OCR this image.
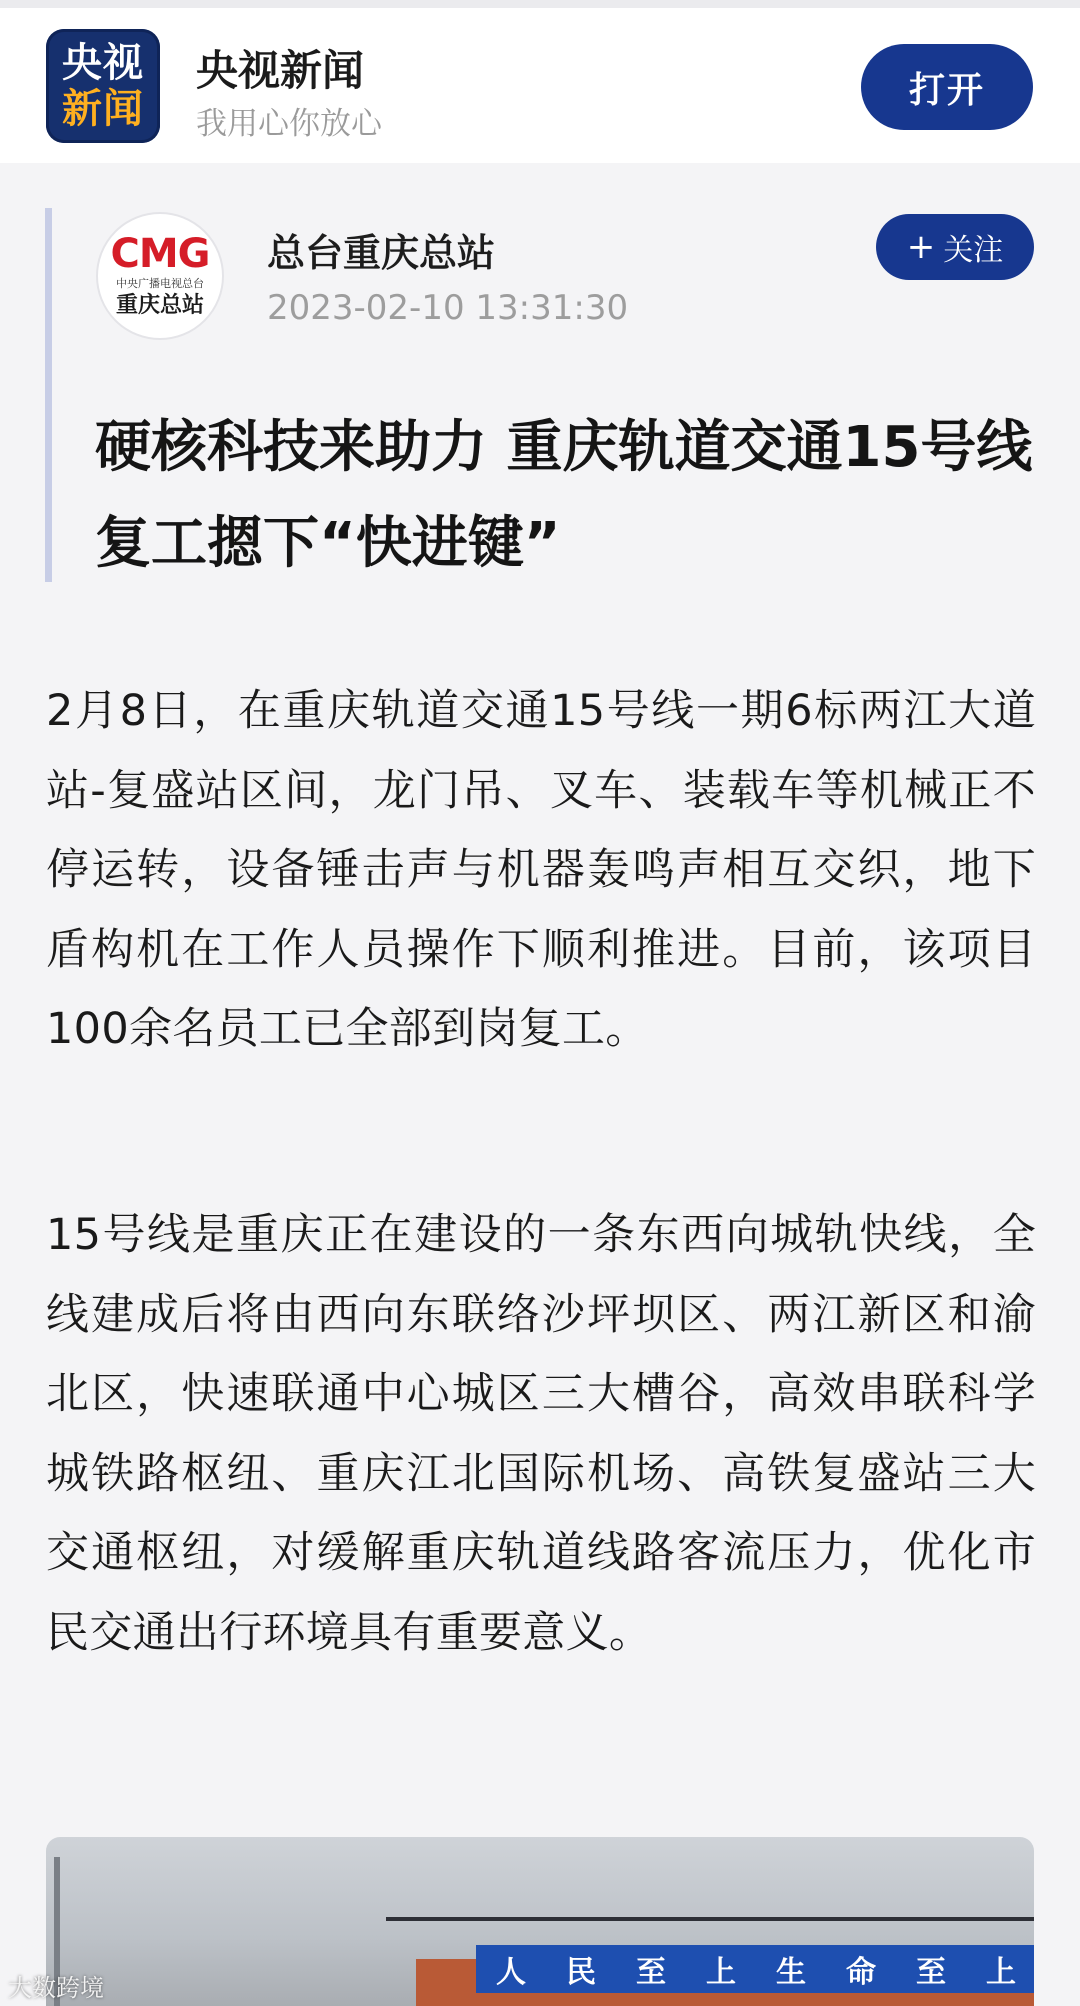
央视
新闻
央视新闻
我用心你放心
打开
CMG
中央广播电视总台
重庆总站
总台重庆总站
2023-02-10 13:31:30
+ 关注
硬核科技来助力 重庆轨道交通15号线复工摁下“快进键”

2月8日，在重庆轨道交通15号线一期6标两江大道站-复盛站区间，龙门吊、叉车、装载车等机械正不停运转，设备锤击声与机器轰鸣声相互交织，地下盾构机在工作人员操作下顺利推进。目前，该项目100余名员工已全部到岗复工。

15号线是重庆正在建设的一条东西向城轨快线，全线建成后将由西向东联络沙坪坝区、两江新区和渝北区，快速联通中心城区三大槽谷，高效串联科学城铁路枢纽、重庆江北国际机场、高铁复盛站三大交通枢纽，对缓解重庆轨道线路客流压力，优化市民交通出行环境具有重要意义。

人 民 至 上 生 命 至 上
大数跨境
